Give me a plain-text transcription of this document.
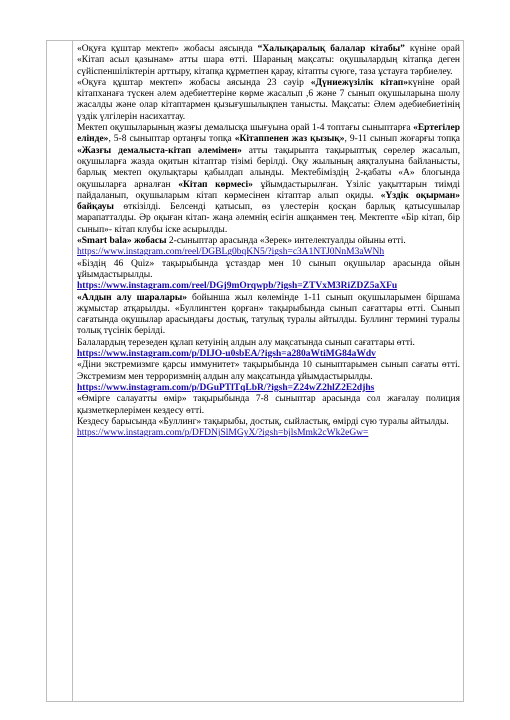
«Оқуға құштар мектеп» жобасы аясында “Халықаралық балалар кітабы” күніне орай «Кітап асыл қазынам» атты шара өтті. Шараның мақсаты: оқушылардың кітапқа деген сүйіспеншіліктерін арттыру, кітапқа құрметпен қарау, кітапты сүюге, таза ұстауға тәрбиелеу.

«Оқуға құштар мектеп» жобасы аясында 23 сәуір «Дүниежүзілік кітап»күніне орай кітапханаға түскен әлем әдебиеттеріне көрме жасалып ,6 және 7 сынып оқушыларына шолу жасалды және олар кітаптармен қызығушылықпен танысты. Мақсаты: Әлем әдебиебиетінің үздік үлгілерін насихаттау.

Мектеп оқушыларының жазғы демалысқа шығуына орай 1-4 топтағы сыныптарға «Ертегілер елінде», 5-8 сыныптар ортаңғы топқа «Кітаппенен жаз қызық», 9-11 сынып жоғарғы топқа «Жазғы демалыста-кітап әлемімен» атты тақырыпта тақырыптық сөрелер жасалып, оқушыларға жазда оқитын кітаптар тізімі берілді. Оқу жылының аяқталуына байланысты, барлық мектеп оқулықтары қабылдап алынды. Мектебіміздің 2-қабаты «А» блогында оқушыларға арналған «Кітап көрмесі» ұйымдастырылған. Үзіліс уақыттарын тиімді пайдаланып, оқушыларым кітап көрмесінен кітаптар алып оқиды. «Үздік оқырман» байқауы өткізілді. Белсенді қатысып, өз үлестерін қосқан барлық қатысушылар марапатталды. Әр оқыған кітап- жаңа әлемнің есігін ашқанмен тең. Мектепте «Бір кітап, бір сынып»- кітап клубы іске асырылды.

«Smart bala» жобасы 2-сыныптар арасында «Зерек» интелектуалды ойыны өтті.

https://www.instagram.com/reel/DGBLg0bqKN5/?igsh=c3A1NTJ0NnM3aWNh

«Біздің 46 Quiz» тақырыбында ұстаздар мен 10 сынып оқушылар арасында ойын ұйымдастырылды.

https://www.instagram.com/reel/DGj9mOrqwpb/?igsh=ZTVxM3RiZDZ5aXFu

«Алдын алу шаралары» бойынша жыл көлемінде 1-11 сынып оқушыларымен біршама жұмыстар атқарылды. «Буллингтен қорған» тақырыбында сынып сағаттары өтті. Сынып сағатында оқушылар арасындағы достық, татулық туралы айтылды. Буллинг термині туралы толық түсінік берілді.

Балалардың терезеден құлап кетуінің алдын алу мақсатында сынып сағаттары өтті.

https://www.instagram.com/p/DIJO-u0sbEA/?igsh=a280aWtiMG84aWdv

«Діни экстремизмге қарсы иммунитет» тақырыбында 10 сыныптарымен сынып сағаты өтті. Экстремизм мен терроризмнің алдын алу мақсатында ұйымдастырылды.

https://www.instagram.com/p/DGuPTlTqLbR/?igsh=Z24wZ2hlZ2E2djhs

«Өмірге салауатты өмір» тақырыбында 7-8 сыныптар арасында сол жағалау полиция қызметкерлерімен кездесу өтті.

Кездесу барысында «Буллинг» тақырыбы, достық, сыйластық, өмірді сүю туралы айтылды.

https://www.instagram.com/p/DFDNjSlMGyX/?igsh=bjlsMmk2cWk2eGw=
